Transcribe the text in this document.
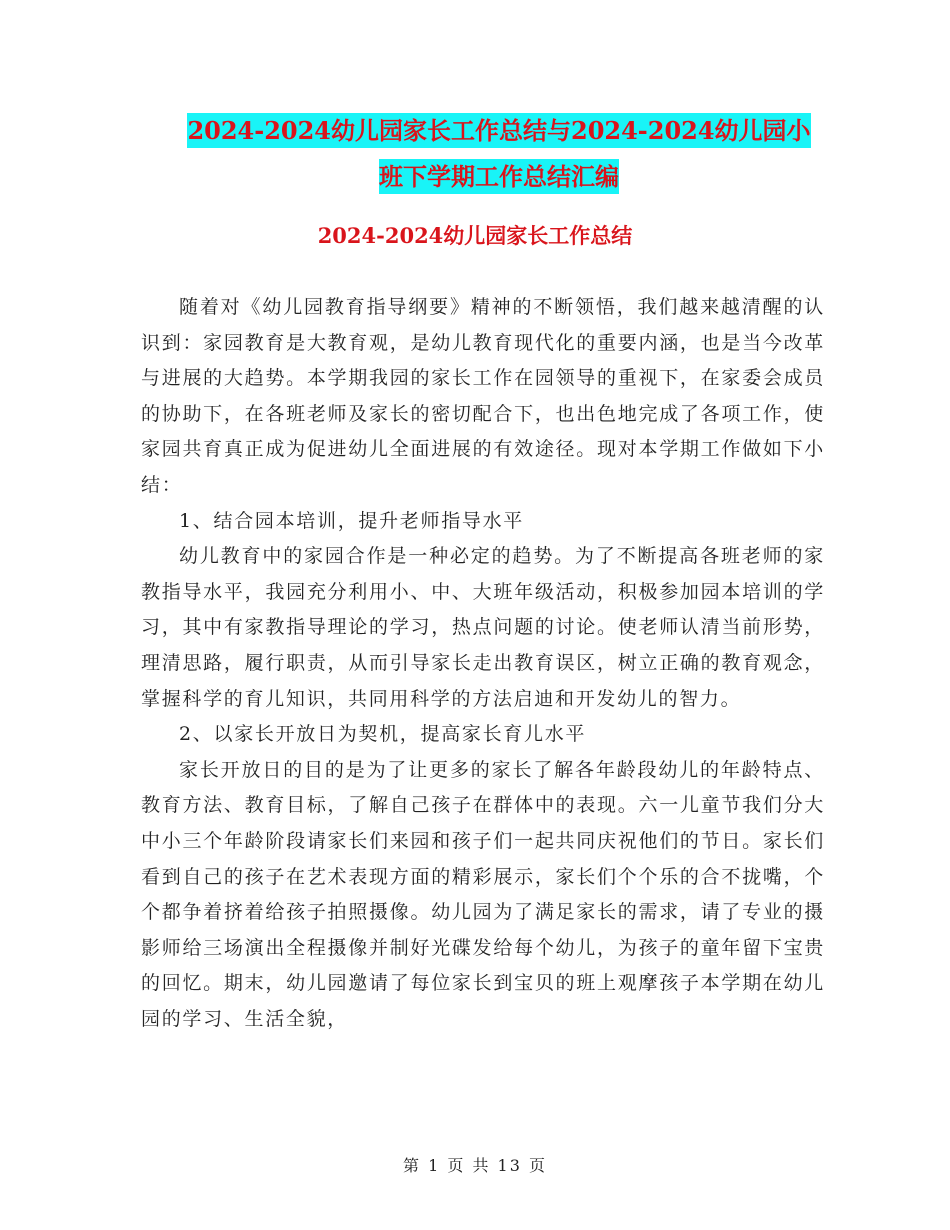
2024-2024幼儿园家长工作总结与2024-2024幼儿园小
班下学期工作总结汇编
2024-2024幼儿园家长工作总结

随着对《幼儿园教育指导纲要》精神的不断领悟，我们越来越清醒的认识到：家园教育是大教育观，是幼儿教育现代化的重要内涵，也是当今改革与进展的大趋势。本学期我园的家长工作在园领导的重视下，在家委会成员的协助下，在各班老师及家长的密切配合下，也出色地完成了各项工作，使家园共育真正成为促进幼儿全面进展的有效途径。现对本学期工作做如下小结：

1、结合园本培训，提升老师指导水平

幼儿教育中的家园合作是一种必定的趋势。为了不断提高各班老师的家教指导水平，我园充分利用小、中、大班年级活动，积极参加园本培训的学习，其中有家教指导理论的学习，热点问题的讨论。使老师认清当前形势，理清思路，履行职责，从而引导家长走出教育误区，树立正确的教育观念，掌握科学的育儿知识，共同用科学的方法启迪和开发幼儿的智力。

2、以家长开放日为契机，提高家长育儿水平

家长开放日的目的是为了让更多的家长了解各年龄段幼儿的年龄特点、教育方法、教育目标，了解自己孩子在群体中的表现。六一儿童节我们分大中小三个年龄阶段请家长们来园和孩子们一起共同庆祝他们的节日。家长们看到自己的孩子在艺术表现方面的精彩展示，家长们个个乐的合不拢嘴，个个都争着挤着给孩子拍照摄像。幼儿园为了满足家长的需求，请了专业的摄影师给三场演出全程摄像并制好光碟发给每个幼儿，为孩子的童年留下宝贵的回忆。期末，幼儿园邀请了每位家长到宝贝的班上观摩孩子本学期在幼儿园的学习、生活全貌，

第 1 页 共 13 页
